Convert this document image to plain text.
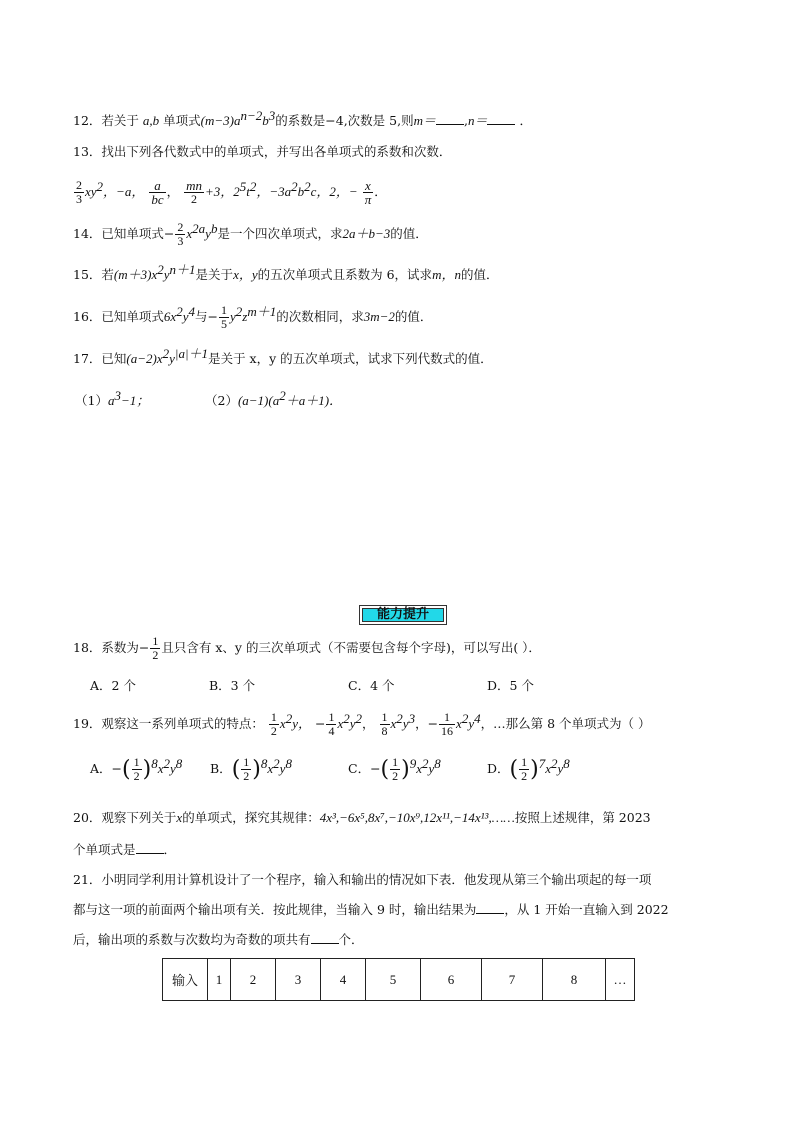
12．若关于 a,b 单项式$(m-3)a^{n-2}b^3$的系数是−4,次数是 5,则m＝ ,n＝	．
13．找出下列各代数式中的单项式，并写出各单项式的系数和次数．
$\frac{2}{3} xy^2$，−a， $\frac{a}{bc}$ ， $\frac{mn}{2} +3$，$2^5t^2$，$-3a^2b^2c$，2，− $\frac{x}{\pi}$ ．
14．已知单项式− $\frac{2}{3} x^{2a}y^b$是一个四次单项式，求2a＋b−3的值．
15．若$(m+3)x^2y^{n+1}$是关于x，y的五次单项式且系数为 6，试求m，n的值．
16．已知单项式$6x^2y^4$与− $\frac{1}{5} y^2z^{m+1}$的次数相同，求3m−2的值．
17．已知$(a-2)x^2y^{|a|+1}$是关于 x，y 的五次单项式，试求下列代数式的值．
$(1)a^3-1$；	$(2)(a-1)(a^2+a+1)$．
能力提升
18．系数为− $\frac{1}{2}$ 且只含有 x、y 的三次单项式（不需要包含每个字母)，可以写出( ）．
A．2 个	B．3 个	C．4 个	D．5 个
19．观察这一系列单项式的特点： $\frac{1}{2} x^2y$， − $\frac{1}{4} x^2y^2$， $\frac{1}{8} x^2y^3$，− $\frac{1}{16} x^2y^4$，…那么第 8 个单项式为（ ）
A．−( $\frac{1}{2} )^8x^2y^8$ B．( $\frac{1}{2} )^8x^2y^8$	C．−( $\frac{1}{2} )^9x^2y^8$	D．( $\frac{1}{2} )^7x^2y^8$
20．观察下列关于x的单项式，探究其规律：4x³,−6x⁵,8x⁷,−10x⁹,12x¹¹,−14x¹³,……按照上述规律，第 2023
个单项式是 ．
21．小明同学利用计算机设计了一个程序，输入和输出的情况如下表．他发现从第三个输出项起的每一项
都与这一项的前面两个输出项有关．按此规律，当输入 9 时，输出结果为 ，从 1 开始一直输入到 2022
后，输出项的系数与次数均为奇数的项共有 个．
输入	1	2	3	4	5	6	7	8	…
